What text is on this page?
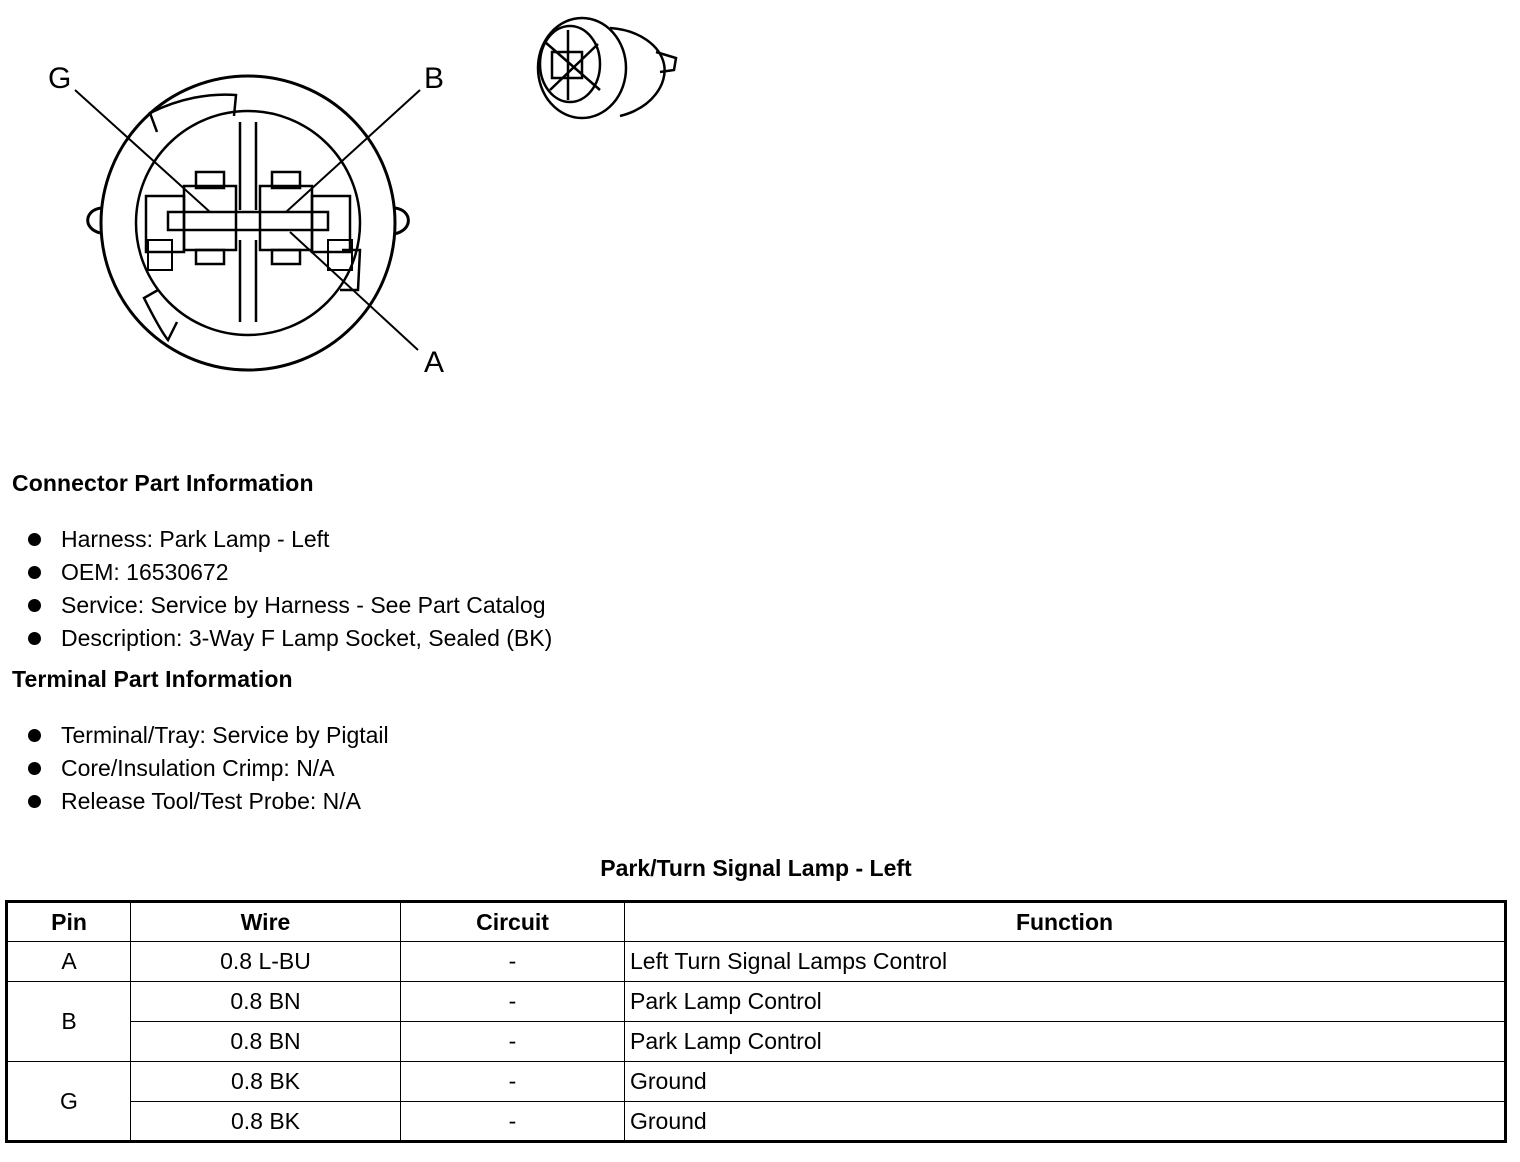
G	B
A
Connector Part Information
Harness: Park Lamp - Left
OEM: 16530672
Service: Service by Harness - See Part Catalog
Description: 3-Way F Lamp Socket, Sealed (BK)
Terminal Part Information
Terminal/Tray: Service by Pigtail
Core/Insulation Crimp: N/A
Release Tool/Test Probe: N/A
Park/Turn Signal Lamp - Left
Pin	Wire	Circuit	Function
A	0.8 L-BU	-	Left Turn Signal Lamps Control
B	0.8 BN	-	Park Lamp Control
	0.8 BN	-	Park Lamp Control
G	0.8 BK	-	Ground
	0.8 BK	-	Ground
